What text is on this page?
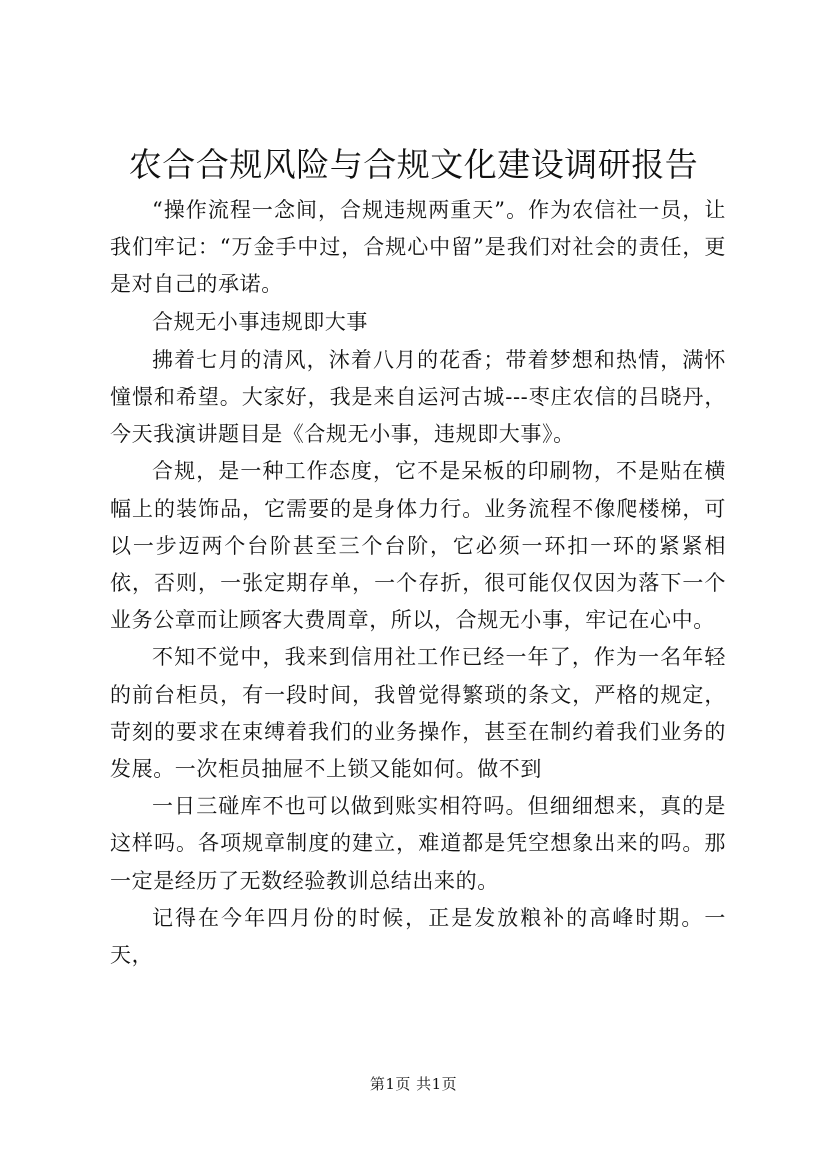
农合合规风险与合规文化建设调研报告

“操作流程一念间，合规违规两重天”。作为农信社一员，让我们牢记：“万金手中过，合规心中留”是我们对社会的责任，更是对自己的承诺。

合规无小事违规即大事

拂着七月的清风，沐着八月的花香；带着梦想和热情，满怀憧憬和希望。大家好，我是来自运河古城---枣庄农信的吕晓丹，今天我演讲题目是《合规无小事，违规即大事》。

合规，是一种工作态度，它不是呆板的印刷物，不是贴在横幅上的装饰品，它需要的是身体力行。业务流程不像爬楼梯，可以一步迈两个台阶甚至三个台阶，它必须一环扣一环的紧紧相依，否则，一张定期存单，一个存折，很可能仅仅因为落下一个业务公章而让顾客大费周章，所以，合规无小事，牢记在心中。

不知不觉中，我来到信用社工作已经一年了，作为一名年轻的前台柜员，有一段时间，我曾觉得繁琐的条文，严格的规定，苛刻的要求在束缚着我们的业务操作，甚至在制约着我们业务的发展。一次柜员抽屉不上锁又能如何。做不到

一日三碰库不也可以做到账实相符吗。但细细想来，真的是这样吗。各项规章制度的建立，难道都是凭空想象出来的吗。那一定是经历了无数经验教训总结出来的。

记得在今年四月份的时候，正是发放粮补的高峰时期。一天，

第1页 共1页
